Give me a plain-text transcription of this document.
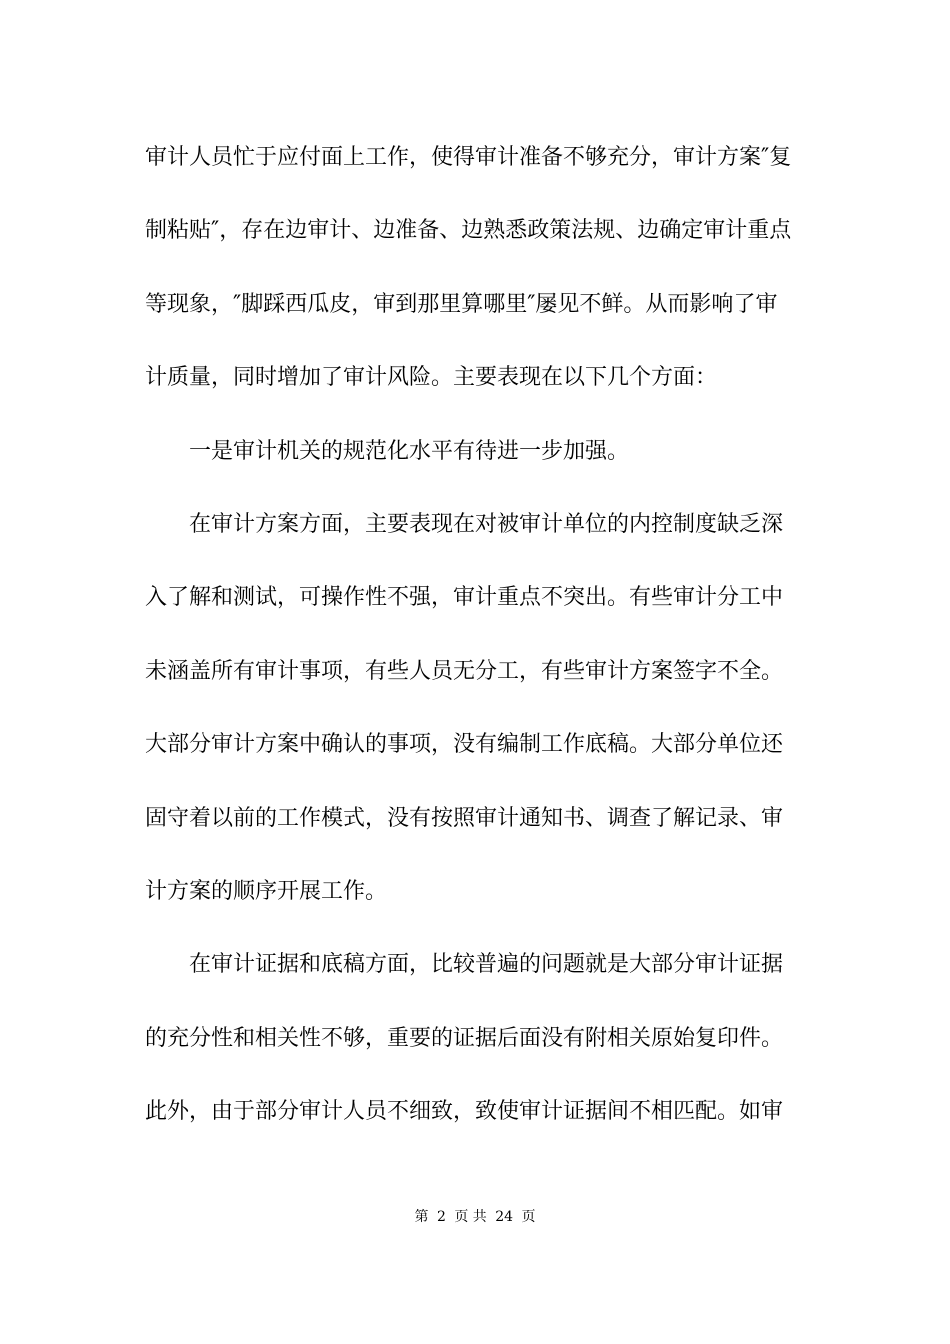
审计人员忙于应付面上工作，使得审计准备不够充分，审计方案″复
制粘贴″，存在边审计、边准备、边熟悉政策法规、边确定审计重点
等现象，″脚踩西瓜皮，审到那里算哪里″屡见不鲜。从而影响了审
计质量，同时增加了审计风险。主要表现在以下几个方面：
一是审计机关的规范化水平有待进一步加强。
在审计方案方面，主要表现在对被审计单位的内控制度缺乏深
入了解和测试，可操作性不强，审计重点不突出。有些审计分工中
未涵盖所有审计事项，有些人员无分工，有些审计方案签字不全。
大部分审计方案中确认的事项，没有编制工作底稿。大部分单位还
固守着以前的工作模式，没有按照审计通知书、调查了解记录、审
计方案的顺序开展工作。
在审计证据和底稿方面，比较普遍的问题就是大部分审计证据
的充分性和相关性不够，重要的证据后面没有附相关原始复印件。
此外，由于部分审计人员不细致，致使审计证据间不相匹配。如审
第 2 页 共 24 页
